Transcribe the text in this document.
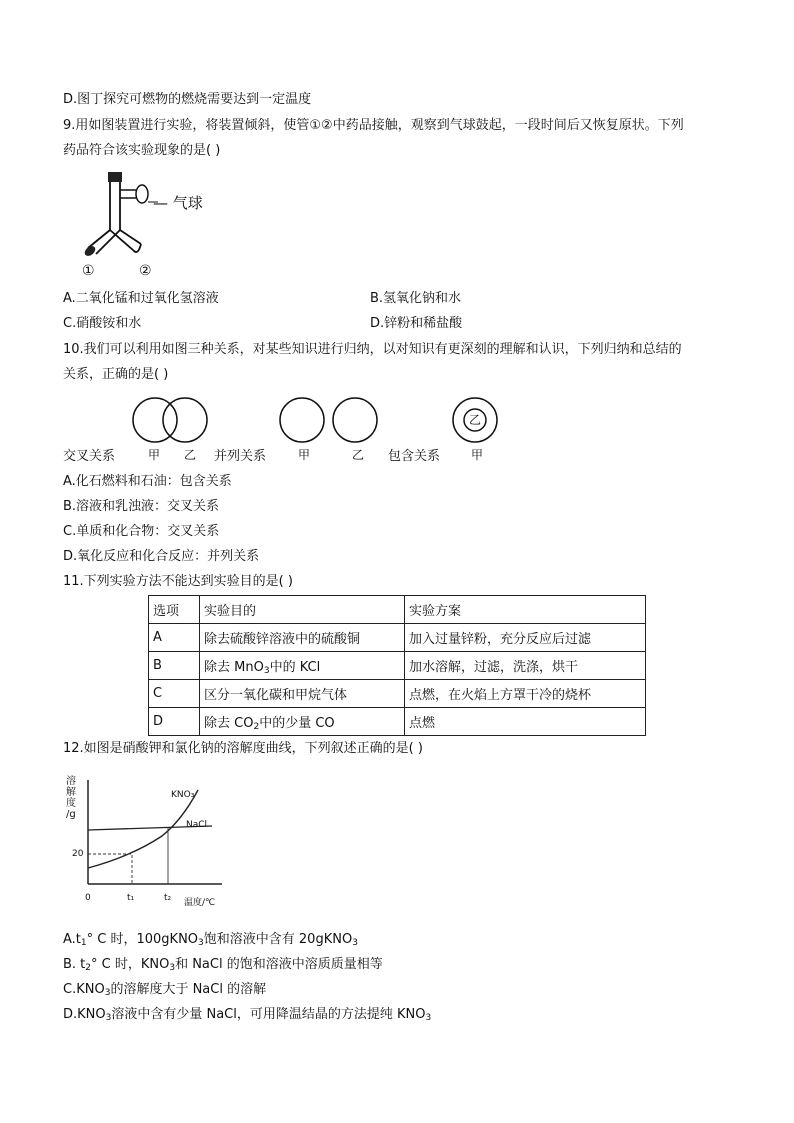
D.图丁探究可燃物的燃烧需要达到一定温度
9.用如图装置进行实验，将装置倾斜，使管①②中药品接触，观察到气球鼓起，一段时间后又恢复原状。下列
药品符合该实验现象的是( )
— 气球
①	②
A.二氧化锰和过氧化氢溶液	B.氢氧化钠和水
C.硝酸铵和水	D.锌粉和稀盐酸
10.我们可以利用如图三种关系，对某些知识进行归纳，以对知识有更深刻的理解和认识，下列归纳和总结的
关系，正确的是( )
乙
交叉关系	甲 乙 并列关系	甲	乙 包含关系	甲
A.化石燃料和石油：包含关系
B.溶液和乳浊液：交叉关系
C.单质和化合物：交叉关系
D.氧化反应和化合反应：并列关系
11.下列实验方法不能达到实验目的是( )
选项	实验目的	实验方案
A	除去硫酸锌溶液中的硫酸铜	加入过量锌粉，充分反应后过滤
B	除去 MnO$_3$中的 KCl	加水溶解，过滤，洗涤，烘干
C	区分一氧化碳和甲烷气体	点燃，在火焰上方罩干冷的烧杯
D	除去 $CO_2$中的少量 CO	点燃
12.如图是硝酸钾和氯化钠的溶解度曲线，下列叙述正确的是( )
溶
解
度
/g
KNO₃
NaCl
20
0	t₁	t₂ 温度/℃
$A.t_1^\circ$ C 时，100gKNO$_3$饱和溶液中含有 20gKNO$_3$
B. $t_2^\circ$ C 时，$KNO_3$和 NaCl 的饱和溶液中溶质质量相等
$C.KNO_3$的溶解度大于 NaCl 的溶解
$D.KNO_3$溶液中含有少量 NaCl，可用降温结晶的方法提纯 $KNO_3$
